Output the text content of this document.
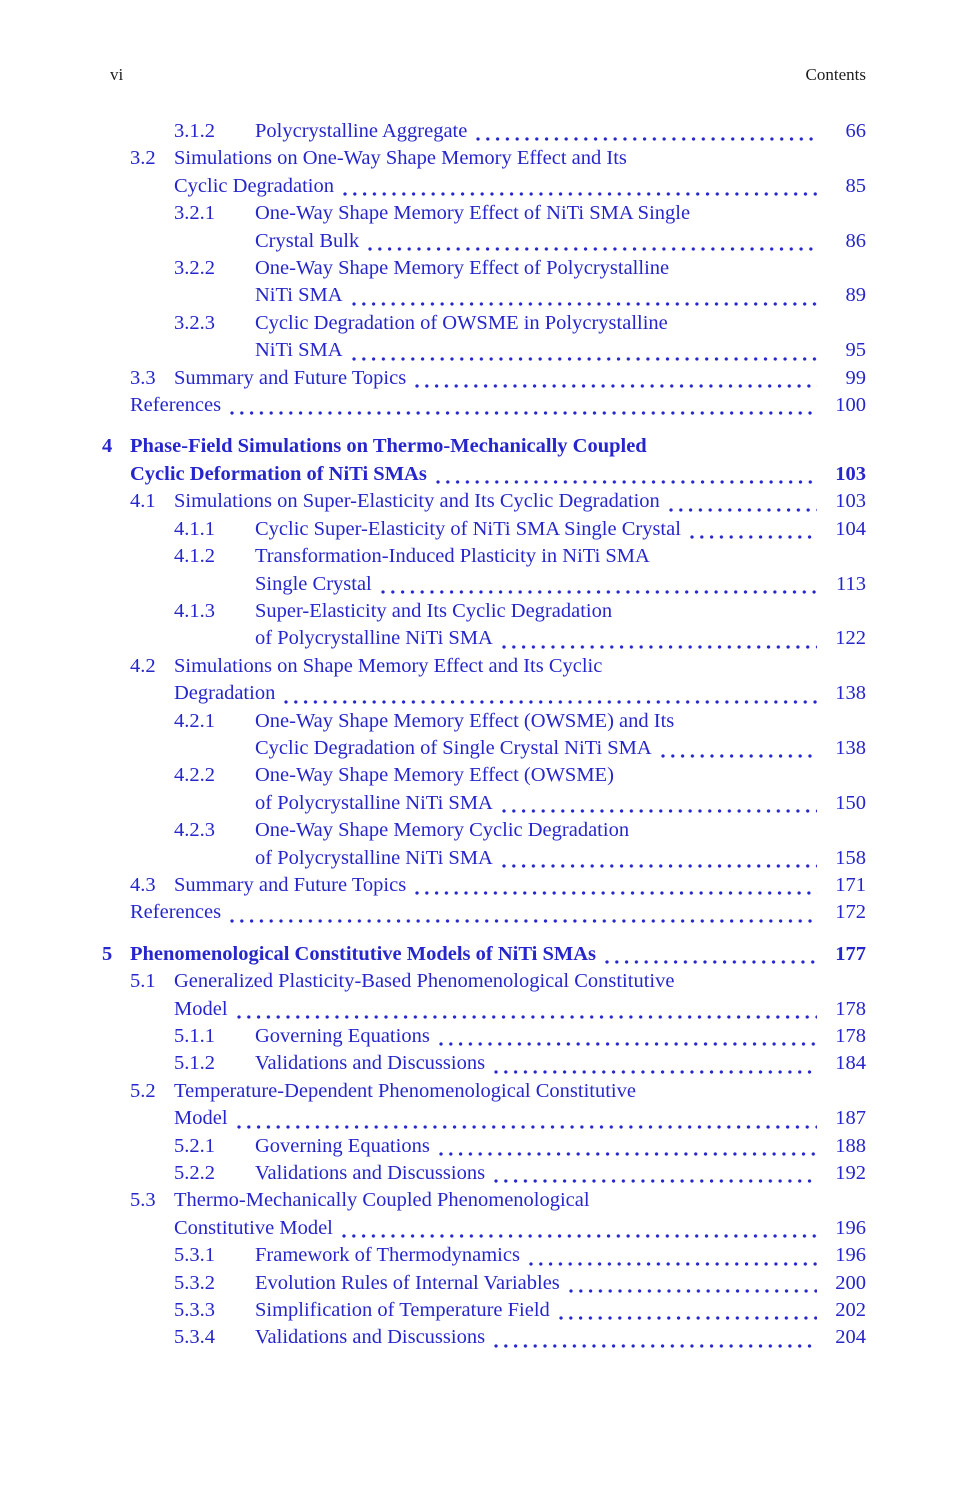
vi	Contents
3.1.2	Polycrystalline Aggregate	66
3.2 Simulations on One-Way Shape Memory Effect and Its
Cyclic Degradation	85
3.2.1	One-Way Shape Memory Effect of NiTi SMA Single
Crystal Bulk	86
3.2.2	One-Way Shape Memory Effect of Polycrystalline
NiTi SMA	89
3.2.3	Cyclic Degradation of OWSME in Polycrystalline
NiTi SMA	95
3.3 Summary and Future Topics	99
References	100
4 Phase-Field Simulations on Thermo-Mechanically Coupled
Cyclic Deformation of NiTi SMAs	103
4.1 Simulations on Super-Elasticity and Its Cyclic Degradation	103
4.1.1	Cyclic Super-Elasticity of NiTi SMA Single Crystal	104
4.1.2	Transformation-Induced Plasticity in NiTi SMA
Single Crystal	113
4.1.3	Super-Elasticity and Its Cyclic Degradation
of Polycrystalline NiTi SMA	122
4.2 Simulations on Shape Memory Effect and Its Cyclic
Degradation	138
4.2.1	One-Way Shape Memory Effect (OWSME) and Its
Cyclic Degradation of Single Crystal NiTi SMA	138
4.2.2	One-Way Shape Memory Effect (OWSME)
of Polycrystalline NiTi SMA	150
4.2.3	One-Way Shape Memory Cyclic Degradation
of Polycrystalline NiTi SMA	158
4.3 Summary and Future Topics	171
References	172
5 Phenomenological Constitutive Models of NiTi SMAs	177
5.1 Generalized Plasticity-Based Phenomenological Constitutive
Model	178
5.1.1	Governing Equations	178
5.1.2	Validations and Discussions	184
5.2 Temperature-Dependent Phenomenological Constitutive
Model	187
5.2.1	Governing Equations	188
5.2.2	Validations and Discussions	192
5.3 Thermo-Mechanically Coupled Phenomenological
Constitutive Model	196
5.3.1	Framework of Thermodynamics	196
5.3.2	Evolution Rules of Internal Variables	200
5.3.3	Simplification of Temperature Field	202
5.3.4	Validations and Discussions	204
